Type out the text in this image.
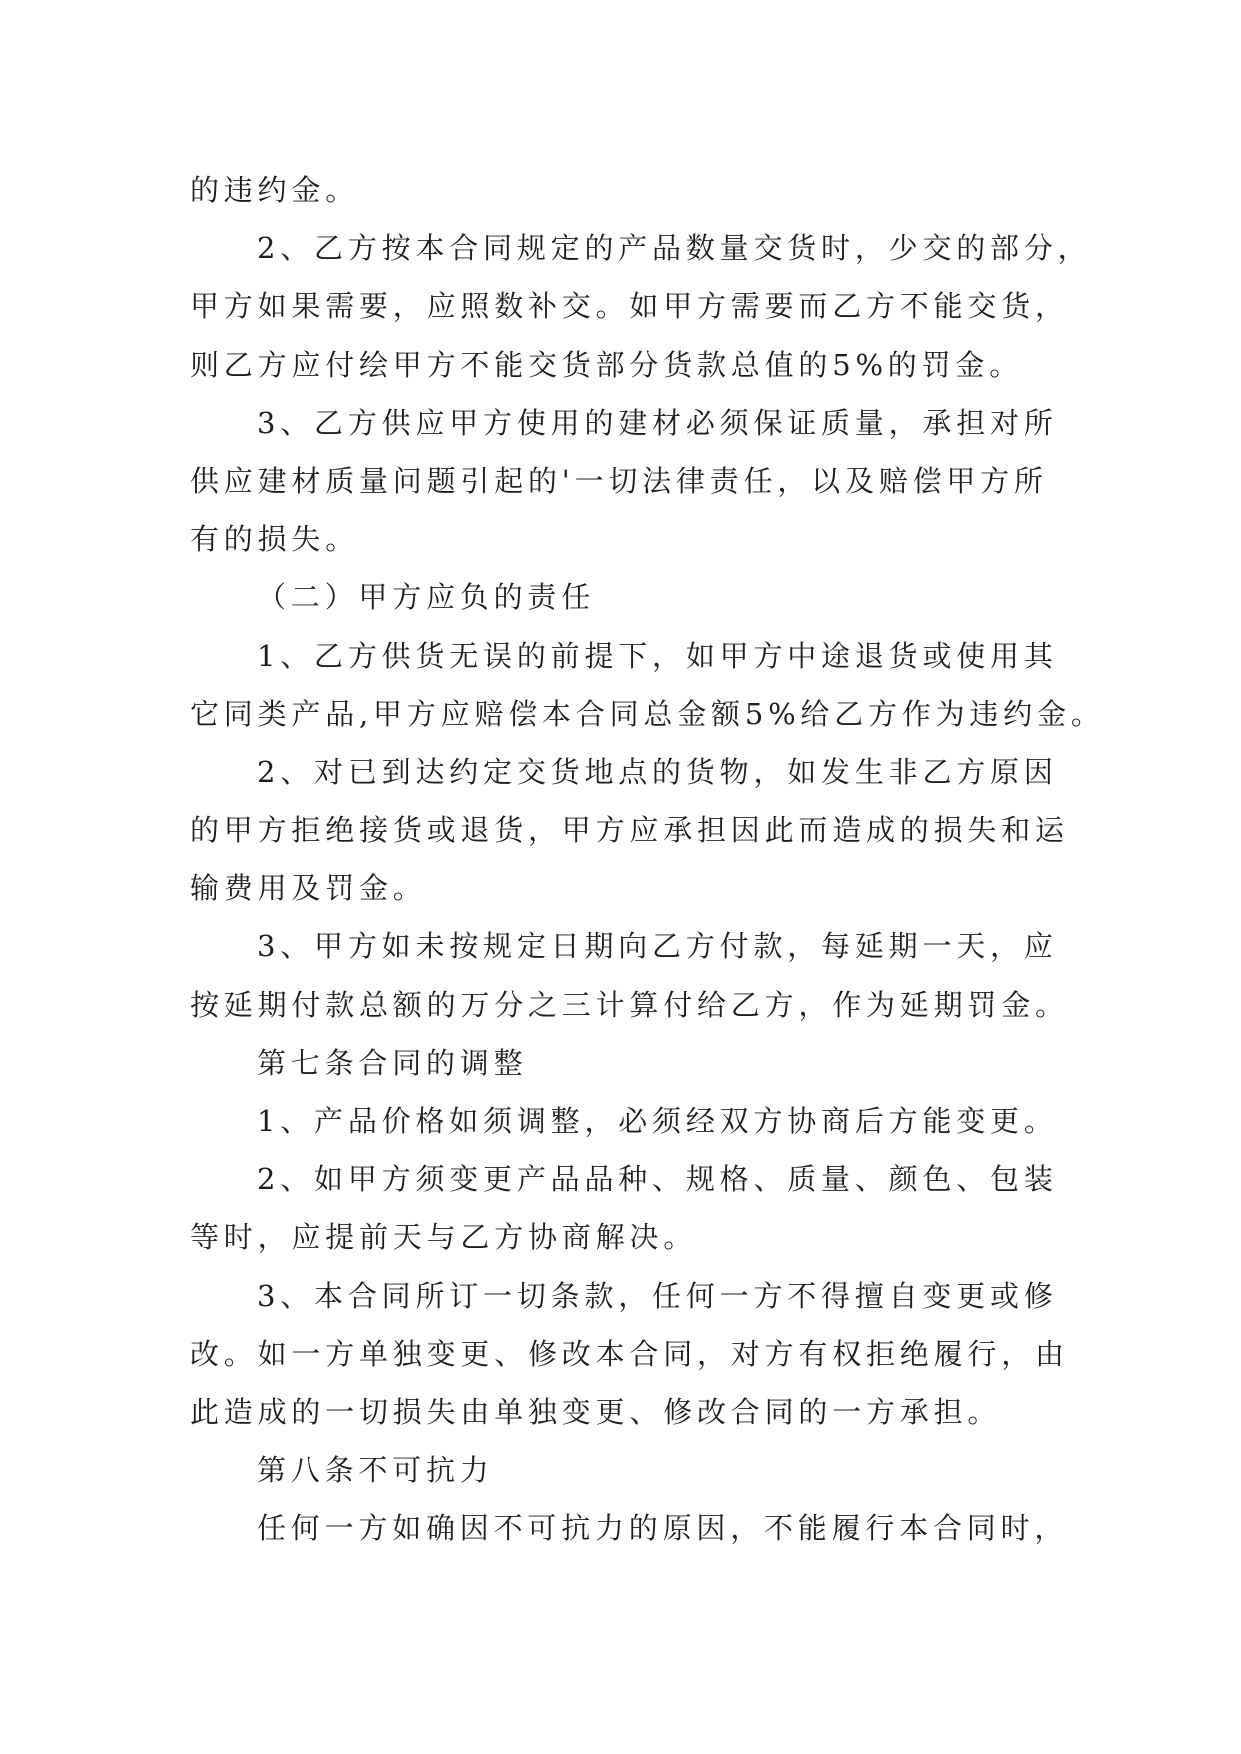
的违约金。
2、乙方按本合同规定的产品数量交货时，少交的部分，
甲方如果需要，应照数补交。如甲方需要而乙方不能交货，
则乙方应付绘甲方不能交货部分货款总值的5%的罚金。
3、乙方供应甲方使用的建材必须保证质量，承担对所
供应建材质量问题引起的'一切法律责任，以及赔偿甲方所
有的损失。
（二）甲方应负的责任
1、乙方供货无误的前提下，如甲方中途退货或使用其
它同类产品,甲方应赔偿本合同总金额5%给乙方作为违约金。
2、对已到达约定交货地点的货物，如发生非乙方原因
的甲方拒绝接货或退货，甲方应承担因此而造成的损失和运
输费用及罚金。
3、甲方如未按规定日期向乙方付款，每延期一天，应
按延期付款总额的万分之三计算付给乙方，作为延期罚金。
第七条合同的调整
1、产品价格如须调整，必须经双方协商后方能变更。
2、如甲方须变更产品品种、规格、质量、颜色、包装
等时，应提前天与乙方协商解决。
3、本合同所订一切条款，任何一方不得擅自变更或修
改。如一方单独变更、修改本合同，对方有权拒绝履行，由
此造成的一切损失由单独变更、修改合同的一方承担。
第八条不可抗力
任何一方如确因不可抗力的原因，不能履行本合同时，
